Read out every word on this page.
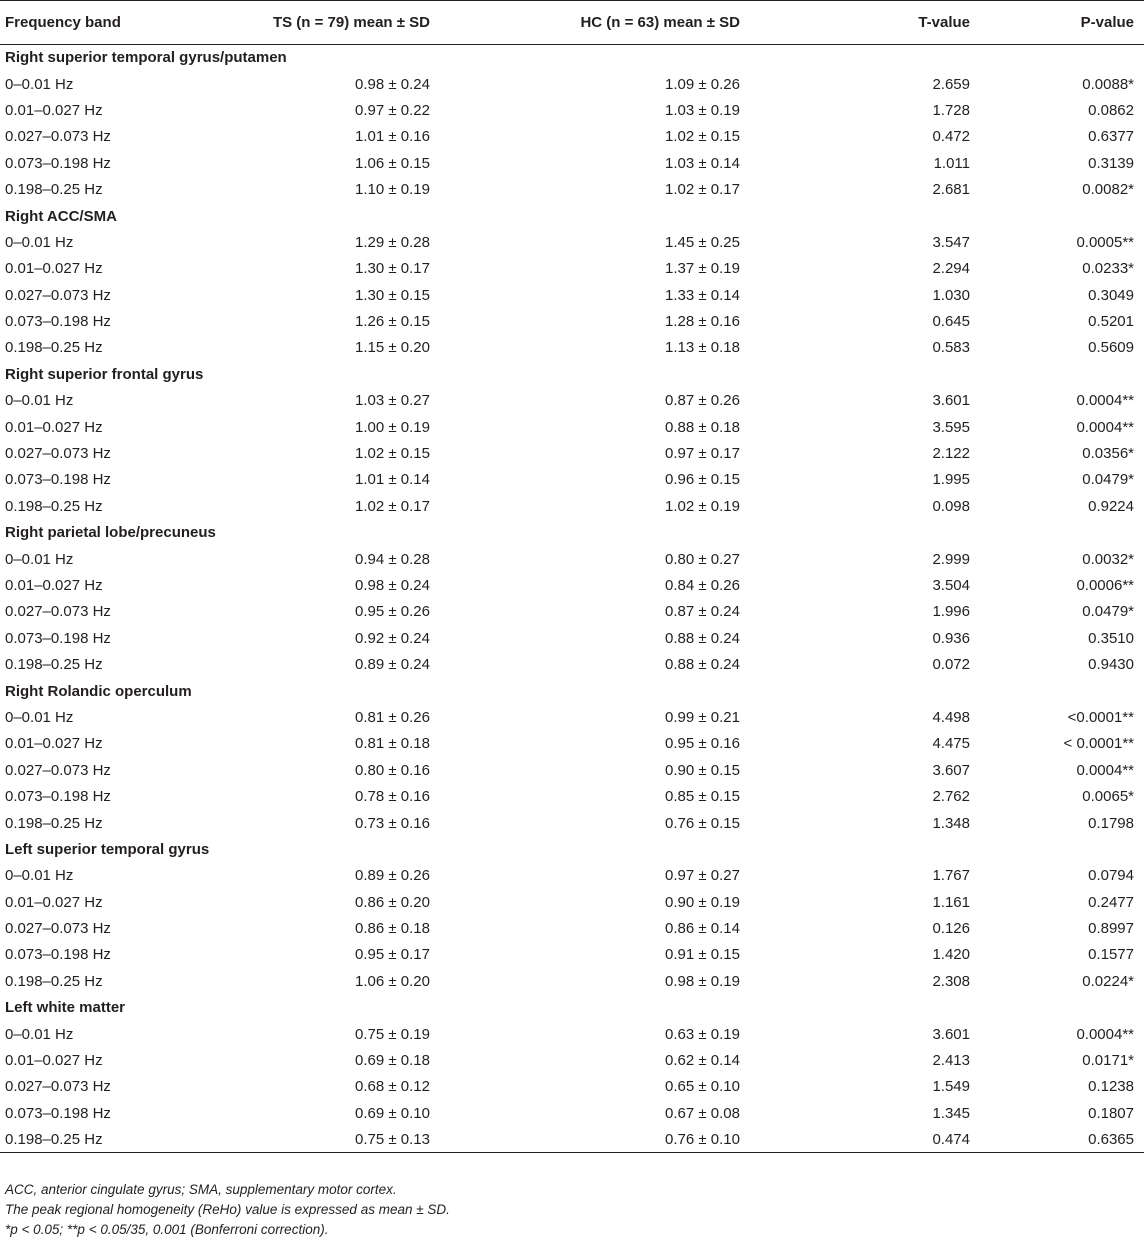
Frequency band	TS (n = 79) mean ± SD	HC (n = 63) mean ± SD	T-value	P-value
Right superior temporal gyrus/putamen				
0–0.01 Hz	0.98 ± 0.24	1.09 ± 0.26	2.659	0.0088*
0.01–0.027 Hz	0.97 ± 0.22	1.03 ± 0.19	1.728	0.0862
0.027–0.073 Hz	1.01 ± 0.16	1.02 ± 0.15	0.472	0.6377
0.073–0.198 Hz	1.06 ± 0.15	1.03 ± 0.14	1.011	0.3139
0.198–0.25 Hz	1.10 ± 0.19	1.02 ± 0.17	2.681	0.0082*
Right ACC/SMA				
0–0.01 Hz	1.29 ± 0.28	1.45 ± 0.25	3.547	0.0005**
0.01–0.027 Hz	1.30 ± 0.17	1.37 ± 0.19	2.294	0.0233*
0.027–0.073 Hz	1.30 ± 0.15	1.33 ± 0.14	1.030	0.3049
0.073–0.198 Hz	1.26 ± 0.15	1.28 ± 0.16	0.645	0.5201
0.198–0.25 Hz	1.15 ± 0.20	1.13 ± 0.18	0.583	0.5609
Right superior frontal gyrus				
0–0.01 Hz	1.03 ± 0.27	0.87 ± 0.26	3.601	0.0004**
0.01–0.027 Hz	1.00 ± 0.19	0.88 ± 0.18	3.595	0.0004**
0.027–0.073 Hz	1.02 ± 0.15	0.97 ± 0.17	2.122	0.0356*
0.073–0.198 Hz	1.01 ± 0.14	0.96 ± 0.15	1.995	0.0479*
0.198–0.25 Hz	1.02 ± 0.17	1.02 ± 0.19	0.098	0.9224
Right parietal lobe/precuneus				
0–0.01 Hz	0.94 ± 0.28	0.80 ± 0.27	2.999	0.0032*
0.01–0.027 Hz	0.98 ± 0.24	0.84 ± 0.26	3.504	0.0006**
0.027–0.073 Hz	0.95 ± 0.26	0.87 ± 0.24	1.996	0.0479*
0.073–0.198 Hz	0.92 ± 0.24	0.88 ± 0.24	0.936	0.3510
0.198–0.25 Hz	0.89 ± 0.24	0.88 ± 0.24	0.072	0.9430
Right Rolandic operculum				
0–0.01 Hz	0.81 ± 0.26	0.99 ± 0.21	4.498	<0.0001**
0.01–0.027 Hz	0.81 ± 0.18	0.95 ± 0.16	4.475	< 0.0001**
0.027–0.073 Hz	0.80 ± 0.16	0.90 ± 0.15	3.607	0.0004**
0.073–0.198 Hz	0.78 ± 0.16	0.85 ± 0.15	2.762	0.0065*
0.198–0.25 Hz	0.73 ± 0.16	0.76 ± 0.15	1.348	0.1798
Left superior temporal gyrus				
0–0.01 Hz	0.89 ± 0.26	0.97 ± 0.27	1.767	0.0794
0.01–0.027 Hz	0.86 ± 0.20	0.90 ± 0.19	1.161	0.2477
0.027–0.073 Hz	0.86 ± 0.18	0.86 ± 0.14	0.126	0.8997
0.073–0.198 Hz	0.95 ± 0.17	0.91 ± 0.15	1.420	0.1577
0.198–0.25 Hz	1.06 ± 0.20	0.98 ± 0.19	2.308	0.0224*
Left white matter				
0–0.01 Hz	0.75 ± 0.19	0.63 ± 0.19	3.601	0.0004**
0.01–0.027 Hz	0.69 ± 0.18	0.62 ± 0.14	2.413	0.0171*
0.027–0.073 Hz	0.68 ± 0.12	0.65 ± 0.10	1.549	0.1238
0.073–0.198 Hz	0.69 ± 0.10	0.67 ± 0.08	1.345	0.1807
0.198–0.25 Hz	0.75 ± 0.13	0.76 ± 0.10	0.474	0.6365
ACC, anterior cingulate gyrus; SMA, supplementary motor cortex.
The peak regional homogeneity (ReHo) value is expressed as mean ± SD.
*p < 0.05; **p < 0.05/35, 0.001 (Bonferroni correction).
